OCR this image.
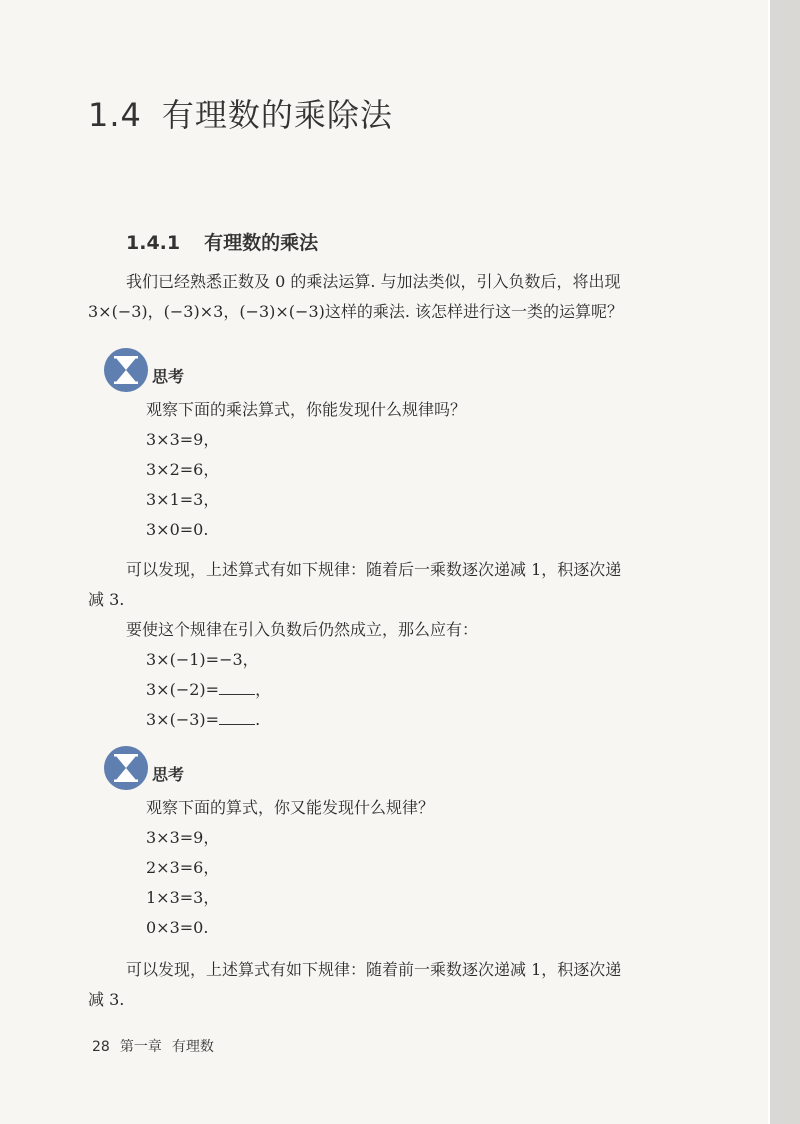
1.4 有理数的乘除法
1.4.1 有理数的乘法
我们已经熟悉正数及 0 的乘法运算. 与加法类似，引入负数后，将出现
3×(−3)，(−3)×3，(−3)×(−3)这样的乘法. 该怎样进行这一类的运算呢？
思考
观察下面的乘法算式，你能发现什么规律吗？
3×3=9，
3×2=6，
3×1=3，
3×0=0.
可以发现，上述算式有如下规律：随着后一乘数逐次递减 1，积逐次递
减 3.
要使这个规律在引入负数后仍然成立，那么应有：
3×(−1)=−3，
3×(−2)= ，
3×(−3)= .
思考
观察下面的算式，你又能发现什么规律？
3×3=9，
2×3=6，
1×3=3，
0×3=0.
可以发现，上述算式有如下规律：随着前一乘数逐次递减 1，积逐次递
减 3.
28 第一章 有理数
